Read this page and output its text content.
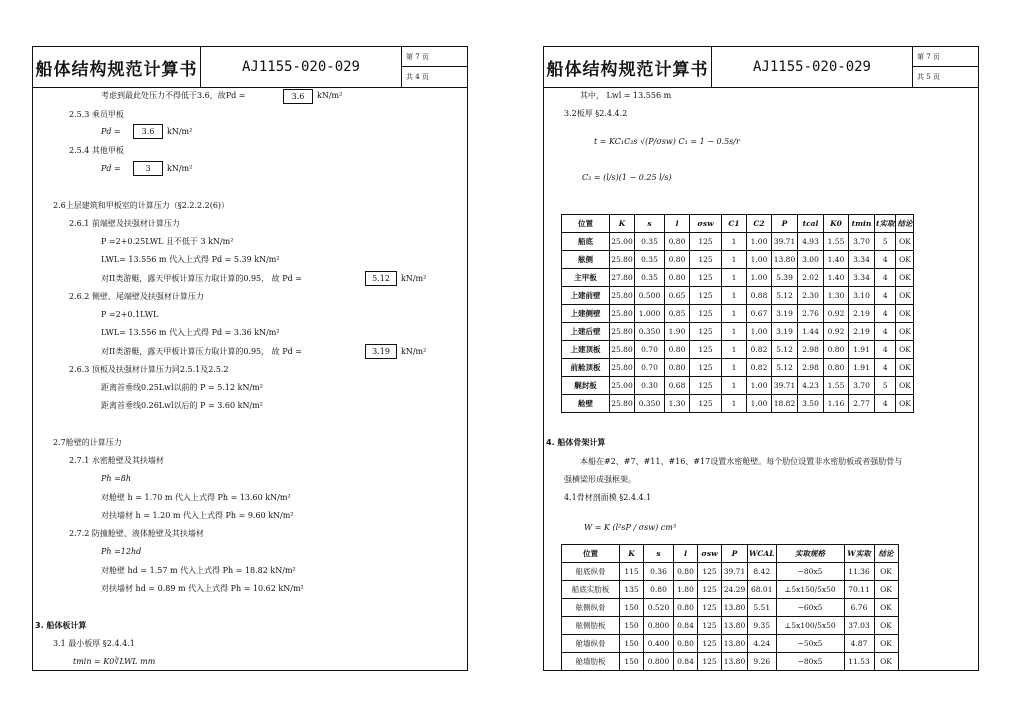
船体结构规范计算书	AJ1155-020-029
第 7 页
共 4 页
考虑到最此处压力不得低于3.6，故Pd =	3.6	kN/m²
2.5.3 乘员甲板
Pd =	3.6	kN/m²
2.5.4 其他甲板
Pd =	3	kN/m²
2.6上层建筑和甲板室的计算压力（§2.2.2.2(6)）
2.6.1 前端壁及扶强材计算压力
P =2+0.25LWL 且不低于 3 kN/m²
LWL= 13.556 m 代入上式得 Pd = 5.39 kN/m²
对II类游艇，露天甲板计算压力取计算的0.95， 故 Pd =	5.12	kN/m²
2.6.2 侧壁、尾端壁及扶强材计算压力
P =2+0.1LWL
LWL= 13.556 m 代入上式得 Pd = 3.36 kN/m²
对II类游艇，露天甲板计算压力取计算的0.95， 故 Pd =	3.19	kN/m²
2.6.3 顶板及扶强材计算压力同2.5.1及2.5.2
距离首垂线0.25Lwl以前的 P = 5.12 kN/m²
距离首垂线0.26Lwl以后的 P = 3.60 kN/m²
2.7舱壁的计算压力
2.7.1 水密舱壁及其扶墙材
Ph =8h
对舱壁 h = 1.70 m 代入上式得 Ph = 13.60 kN/m²
对扶墙材 h = 1.20 m 代入上式得 Ph = 9.60 kN/m²
2.7.2 防撞舱壁、液体舱壁及其扶墙材
Ph =12hd
对舱壁 hd = 1.57 m 代入上式得 Ph = 18.82 kN/m²
对扶墙材 hd = 0.89 m 代入上式得 Ph = 10.62 kN/m²
3. 船体板计算
3.1 最小板厚 §2.4.4.1
tmin = K0∛LWL mm
船体结构规范计算书	AJ1155-020-029
第 7 页
共 5 页
其中， Lwl = 13.556 m
3.2板厚 §2.4.4.2
t = KC₁C₂s √(P/σsw) C₁ = 1 − 0.5s/r
C₂ = (l/s)(1 − 0.25 l/s)
位置	K	s	l	σsw	C1	C2	P	tcal	K0	tmin	t实取	结论
船底	25.00	0.35	0.80	125	1	1.00	39.71	4.93	1.55	3.70	5	OK
舷侧	25.80	0.35	0.80	125	1	1.00	13.80	3.00	1.40	3.34	4	OK
主甲板	27.80	0.35	0.80	125	1	1.00	5.39	2.02	1.40	3.34	4	OK
上建前壁	25.80	0.500	0.65	125	1	0.88	5.12	2.30	1.30	3.10	4	OK
上建侧壁	25.80	1.000	0.85	125	1	0.67	3.19	2.76	0.92	2.19	4	OK
上建后壁	25.80	0.350	1.90	125	1	1.00	3.19	1.44	0.92	2.19	4	OK
上建顶板	25.80	0.70	0.80	125	1	0.82	5.12	2.98	0.80	1.91	4	OK
前舱顶板	25.80	0.70	0.80	125	1	0.82	5.12	2.98	0.80	1.91	4	OK
艉封板	25.00	0.30	0.68	125	1	1.00	39.71	4.23	1.55	3.70	5	OK
舱壁	25.80	0.350	1.30	125	1	1.00	18.82	3.50	1.16	2.77	4	OK
4. 船体骨架计算
本船在#2、#7、#11、#16、#17设置水密舱壁。每个肋位设置非水密肋板或者强肋骨与
强横梁形成强框架。
4.1骨材剖面模 §2.4.4.1
W = K (l²sP / σsw) cm³
位置	K	s	l	σsw	P	WCAL	实取规格	W实取	结论
船底纵骨	115	0.36	0.80	125	39.71	8.42	−80x5	11.36	OK
船底实肋板	135	0.80	1.80	125	24.29	68.01	⊥5x150/5x50	70.11	OK
舷侧纵骨	150	0.520	0.80	125	13.80	5.51	−60x5	6.76	OK
舷侧肋板	150	0.800	0.84	125	13.80	9.35	⊥5x100/5x50	37.03	OK
舱墙纵骨	150	0.400	0.80	125	13.80	4.24	−50x5	4.87	OK
舱墙肋板	150	0.800	0.84	125	13.80	9.26	−80x5	11.53	OK
